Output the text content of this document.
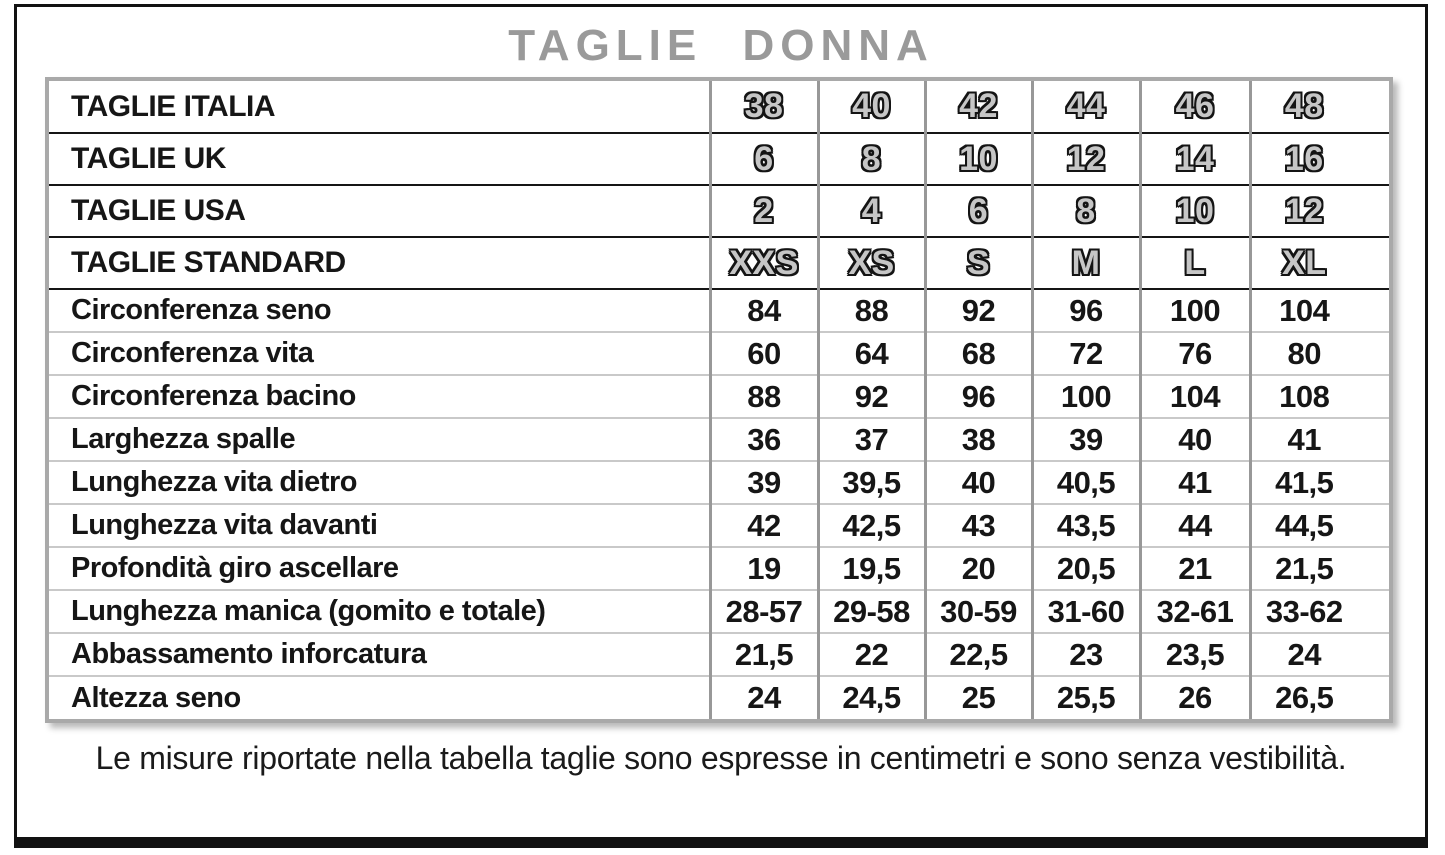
TAGLIE DONNA
TAGLIE ITALIA	38	40	42	44	46	48
TAGLIE UK	6	8	10	12	14	16
TAGLIE USA	2	4	6	8	10	12
TAGLIE STANDARD	XXS	XS	S	M	L	XL
Circonferenza seno	84	88	92	96	100	104
Circonferenza vita	60	64	68	72	76	80
Circonferenza bacino	88	92	96	100	104	108
Larghezza spalle	36	37	38	39	40	41
Lunghezza vita dietro	39	39,5	40	40,5	41	41,5
Lunghezza vita davanti	42	42,5	43	43,5	44	44,5
Profondità giro ascellare	19	19,5	20	20,5	21	21,5
Lunghezza manica (gomito e totale)	28-57	29-58	30-59	31-60	32-61	33-62
Abbassamento inforcatura	21,5	22	22,5	23	23,5	24
Altezza seno	24	24,5	25	25,5	26	26,5
Le misure riportate nella tabella taglie sono espresse in centimetri e sono senza vestibilità.
